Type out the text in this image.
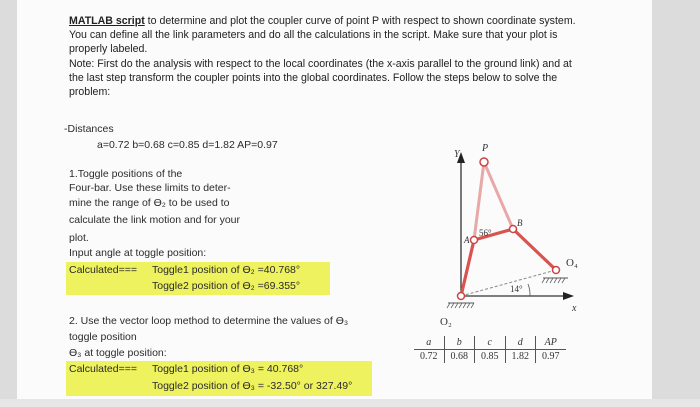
MATLAB script to determine and plot the coupler curve of point P with respect to shown coordinate system. You can define all the link parameters and do all the calculations in the script. Make sure that your plot is properly labeled.

Note: First do the analysis with respect to the local coordinates (the x-axis parallel to the ground link) and at the last step transform the coupler points into the global coordinates. Follow the steps below to solve the problem:

-Distances
a=0.72 b=0.68 c=0.85 d=1.82 AP=0.97
1.Toggle positions of the
Four-bar. Use these limits to deter-
mine the range of ϴ₂ to be used to
calculate the link motion and for your
plot.
Input angle at toggle position:
Calculated=== Toggle1 position of ϴ₂ =40.768°
Toggle2 position of ϴ₂ =69.355°
2. Use the vector loop method to determine the values of ϴ₃
toggle position
ϴ₃ at toggle position:
Calculated=== Toggle1 position of ϴ₃ = 40.768°
Toggle2 position of ϴ₃ = -32.50° or 327.49°
Y
P
A
B
56°
14°
O₄
O₂
x
a	b	c	d	AP
0.72	0.68	0.85	1.82	0.97
